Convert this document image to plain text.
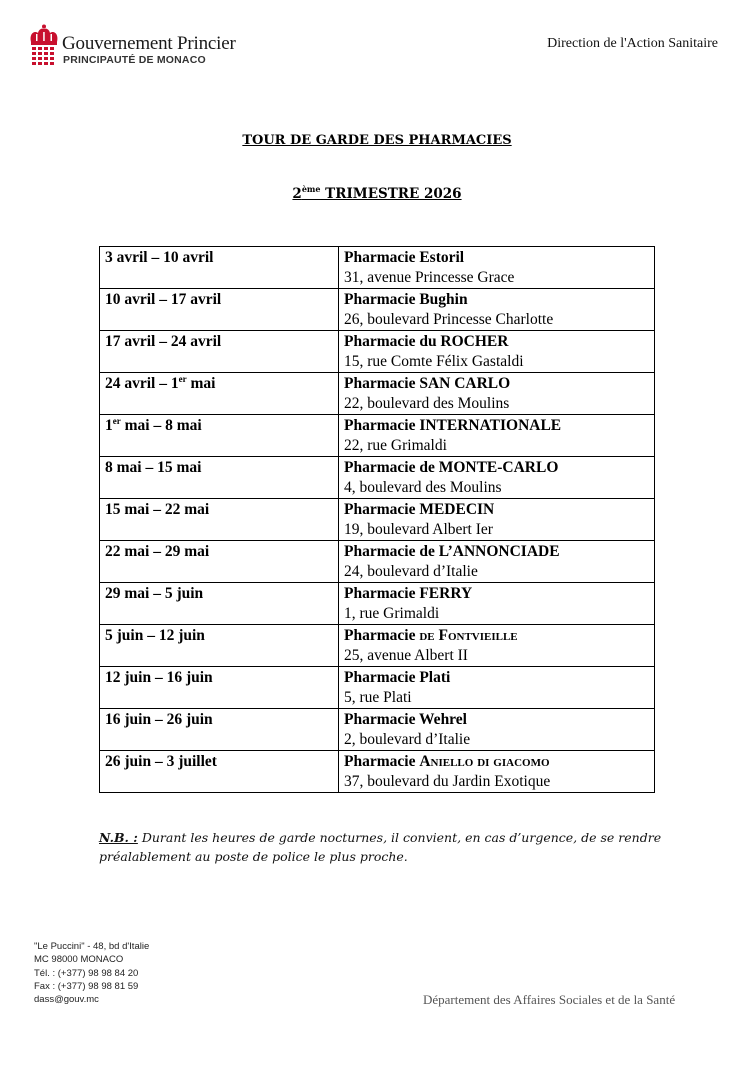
Gouvernement Princier
PRINCIPAUTÉ DE MONACO
Direction de l'Action Sanitaire
TOUR DE GARDE DES PHARMACIES
2ème TRIMESTRE 2026
3 avril – 10 avril	Pharmacie Estoril
31, avenue Princesse Grace

10 avril – 17 avril	Pharmacie Bughin
26, boulevard Princesse Charlotte

17 avril – 24 avril	Pharmacie du ROCHER
15, rue Comte Félix Gastaldi

24 avril – 1er mai	Pharmacie SAN CARLO
22, boulevard des Moulins

1er mai – 8 mai	Pharmacie INTERNATIONALE
22, rue Grimaldi

8 mai – 15 mai	Pharmacie de MONTE-CARLO
4, boulevard des Moulins

15 mai – 22 mai	Pharmacie MEDECIN
19, boulevard Albert Ier

22 mai – 29 mai	Pharmacie de L’ANNONCIADE
24, boulevard d’Italie

29 mai – 5 juin	Pharmacie FERRY
1, rue Grimaldi

5 juin – 12 juin	Pharmacie de Fontvieille
25, avenue Albert II

12 juin – 16 juin	Pharmacie Plati
5, rue Plati

16 juin – 26 juin	Pharmacie Wehrel
2, boulevard d’Italie

26 juin – 3 juillet	Pharmacie Aniello di giacomo
37, boulevard du Jardin Exotique
N.B. : Durant les heures de garde nocturnes, il convient, en cas d’urgence, de se rendre préalablement au poste de police le plus proche.
"Le Puccini" - 48, bd d'Italie
MC 98000 MONACO
Tél. : (+377) 98 98 84 20
Fax : (+377) 98 98 81 59
dass@gouv.mc	Département des Affaires Sociales et de la Santé
